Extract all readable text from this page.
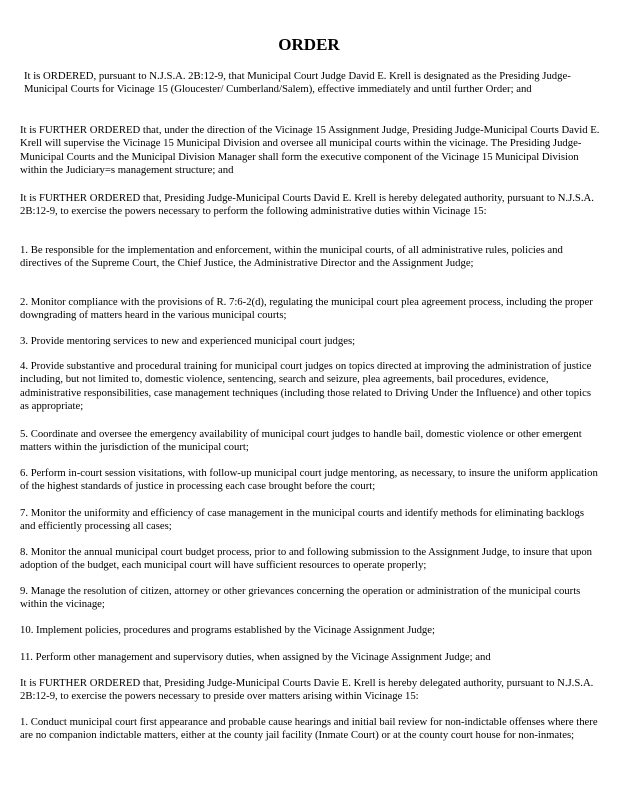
ORDER

It is ORDERED, pursuant to N.J.S.A. 2B:12-9, that Municipal Court Judge David E. Krell is designated as the Presiding Judge-Municipal Courts for Vicinage 15 (Gloucester/ Cumberland/Salem), effective immediately and until further Order; and

It is FURTHER ORDERED that, under the direction of the Vicinage 15 Assignment Judge, Presiding Judge-Municipal Courts David E. Krell will supervise the Vicinage 15 Municipal Division and oversee all municipal courts within the vicinage. The Presiding Judge- Municipal Courts and the Municipal Division Manager shall form the executive component of the Vicinage 15 Municipal Division within the Judiciary=s management structure; and

It is FURTHER ORDERED that, Presiding Judge-Municipal Courts David E. Krell is hereby delegated authority, pursuant to N.J.S.A. 2B:12-9, to exercise the powers necessary to perform the following administrative duties within Vicinage 15:

1. Be responsible for the implementation and enforcement, within the municipal courts, of all administrative rules, policies and directives of the Supreme Court, the Chief Justice, the Administrative Director and the Assignment Judge;

2. Monitor compliance with the provisions of R. 7:6-2(d), regulating the municipal court plea agreement process, including the proper downgrading of matters heard in the various municipal courts;

3. Provide mentoring services to new and experienced municipal court judges;

4. Provide substantive and procedural training for municipal court judges on topics directed at improving the administration of justice including, but not limited to, domestic violence, sentencing, search and seizure, plea agreements, bail procedures, evidence, administrative responsibilities, case management techniques (including those related to Driving Under the Influence) and other topics as appropriate;

5. Coordinate and oversee the emergency availability of municipal court judges to handle bail, domestic violence or other emergent matters within the jurisdiction of the municipal court;

6. Perform in-court session visitations, with follow-up municipal court judge mentoring, as necessary, to insure the uniform application of the highest standards of justice in processing each case brought before the court;

7. Monitor the uniformity and efficiency of case management in the municipal courts and identify methods for eliminating backlogs and efficiently processing all cases;

8. Monitor the annual municipal court budget process, prior to and following submission to the Assignment Judge, to insure that upon adoption of the budget, each municipal court will have sufficient resources to operate properly;

9. Manage the resolution of citizen, attorney or other grievances concerning the operation or administration of the municipal courts within the vicinage;

10. Implement policies, procedures and programs established by the Vicinage Assignment Judge;

11. Perform other management and supervisory duties, when assigned by the Vicinage Assignment Judge; and

It is FURTHER ORDERED that, Presiding Judge-Municipal Courts Davie E. Krell is hereby delegated authority, pursuant to N.J.S.A. 2B:12-9, to exercise the powers necessary to preside over matters arising within Vicinage 15:

1. Conduct municipal court first appearance and probable cause hearings and initial bail review for non-indictable offenses where there are no companion indictable matters, either at the county jail facility (Inmate Court) or at the county court house for non-inmates;
